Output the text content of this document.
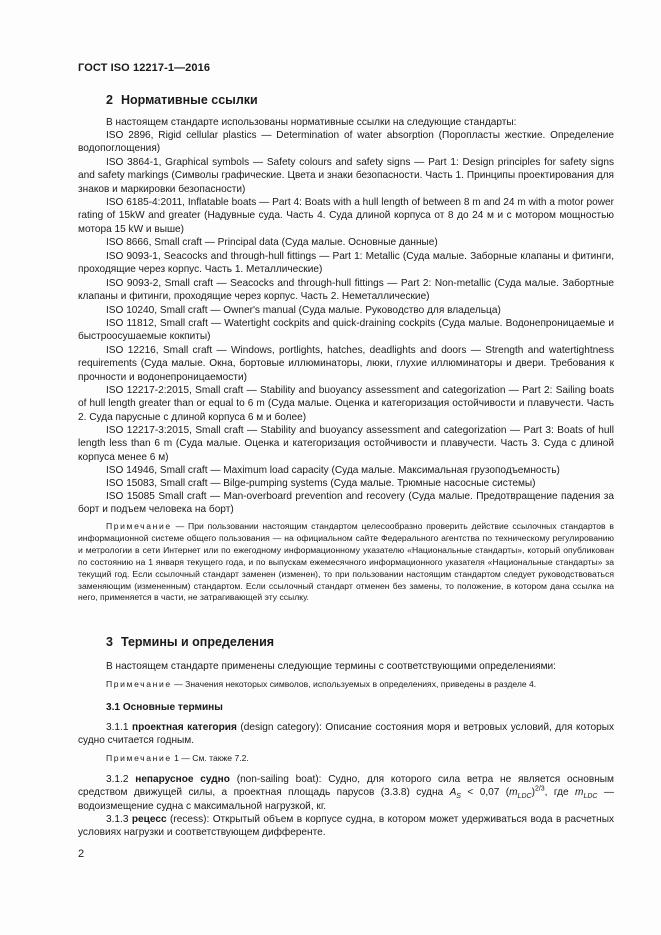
ГОСТ ISO 12217-1—2016
2 Нормативные ссылки
В настоящем стандарте использованы нормативные ссылки на следующие стандарты:
ISO 2896, Rigid cellular plastics — Determination of water absorption (Поропласты жесткие. Определение водопоглощения)
ISO 3864-1, Graphical symbols — Safety colours and safety signs — Part 1: Design principles for safety signs and safety markings (Символы графические. Цвета и знаки безопасности. Часть 1. Принципы проектирования для знаков и маркировки безопасности)
ISO 6185-4:2011, Inflatable boats — Part 4: Boats with a hull length of between 8 m and 24 m with a motor power rating of 15kW and greater (Надувные суда. Часть 4. Суда длиной корпуса от 8 до 24 м и с мотором мощностью мотора 15 kW и выше)
ISO 8666, Small craft — Principal data (Суда малые. Основные данные)
ISO 9093-1, Seacocks and through-hull fittings — Part 1: Metallic (Суда малые. Заборные клапаны и фитинги, проходящие через корпус. Часть 1. Металлические)
ISO 9093-2, Small craft — Seacocks and through-hull fittings — Part 2: Non-metallic (Суда малые. Забортные клапаны и фитинги, проходящие через корпус. Часть 2. Неметаллические)
ISO 10240, Small craft — Owner's manual (Суда малые. Руководство для владельца)
ISO 11812, Small craft — Watertight cockpits and quick-draining cockpits (Суда малые. Водонепроницаемые и быстроосушаемые кокпиты)
ISO 12216, Small craft — Windows, portlights, hatches, deadlights and doors — Strength and watertightness requirements (Суда малые. Окна, бортовые иллюминаторы, люки, глухие иллюминаторы и двери. Требования к прочности и водонепроницаемости)
ISO 12217-2:2015, Small craft — Stability and buoyancy assessment and categorization — Part 2: Sailing boats of hull length greater than or equal to 6 m (Суда малые. Оценка и категоризация остойчивости и плавучести. Часть 2. Суда парусные с длиной корпуса 6 м и более)
ISO 12217-3:2015, Small craft — Stability and buoyancy assessment and categorization — Part 3: Boats of hull length less than 6 m (Суда малые. Оценка и категоризация остойчивости и плавучести. Часть 3. Суда с длиной корпуса менее 6 м)
ISO 14946, Small craft — Maximum load capacity (Суда малые. Максимальная грузоподъемность)
ISO 15083, Small craft — Bilge-pumping systems (Суда малые. Трюмные насосные системы)
ISO 15085 Small craft — Man-overboard prevention and recovery (Суда малые. Предотвращение падения за борт и подъем человека на борт)
Примечание — При пользовании настоящим стандартом целесообразно проверить действие ссылочных стандартов в информационной системе общего пользования — на официальном сайте Федерального агентства по техническому регулированию и метрологии в сети Интернет или по ежегодному информационному указателю «Национальные стандарты», который опубликован по состоянию на 1 января текущего года, и по выпускам ежемесячного информационного указателя «Национальные стандарты» за текущий год. Если ссылочный стандарт заменен (изменен), то при пользовании настоящим стандартом следует руководствоваться заменяющим (измененным) стандартом. Если ссылочный стандарт отменен без замены, то положение, в котором дана ссылка на него, применяется в части, не затрагивающей эту ссылку.
3 Термины и определения
В настоящем стандарте применены следующие термины с соответствующими определениями:
Примечание — Значения некоторых символов, используемых в определениях, приведены в разделе 4.
3.1 Основные термины
3.1.1 проектная категория (design category): Описание состояния моря и ветровых условий, для которых судно считается годным.
Примечание 1 — См. также 7.2.
3.1.2 непарусное судно (non-sailing boat): Судно, для которого сила ветра не является основным средством движущей силы, а проектная площадь парусов (3.3.8) судна $A_S < 0,07$ $(m_{LDC})^{2/3}$, где $m_{LDC}$ — водоизмещение судна с максимальной нагрузкой, кг.
3.1.3 рецесс (recess): Открытый объем в корпусе судна, в котором может удерживаться вода в расчетных условиях нагрузки и соответствующем дифференте.
2
